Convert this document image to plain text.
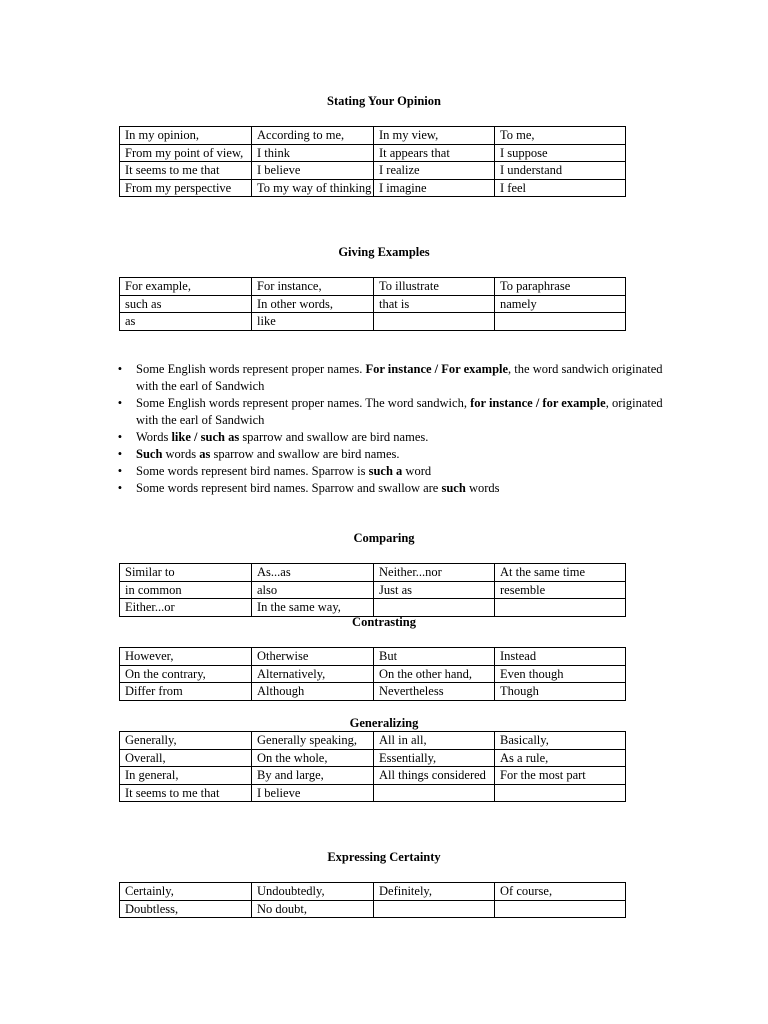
Stating Your Opinion
In my opinion,	According to me,	In my view,	To me,
From my point of view,	I think	It appears that	I suppose
It seems to me that	I believe	I realize	I understand
From my perspective	To my way of thinking	I imagine	I feel
Giving Examples
For example,	For instance,	To illustrate	To paraphrase
such as	In other words,	that is	namely
as	like		
•	Some English words represent proper names. For instance / For example, the word sandwich originated with the earl of Sandwich
•	Some English words represent proper names. The word sandwich, for instance / for example, originated with the earl of Sandwich
•	Words like / such as sparrow and swallow are bird names.
•	Such words as sparrow and swallow are bird names.
•	Some words represent bird names. Sparrow is such a word
•	Some words represent bird names. Sparrow and swallow are such words
Comparing
Similar to	As...as	Neither...nor	At the same time
in common	also	Just as	resemble
Either...or	In the same way,		
Contrasting
However,	Otherwise	But	Instead
On the contrary,	Alternatively,	On the other hand,	Even though
Differ from	Although	Nevertheless	Though
Generalizing
Generally,	Generally speaking,	All in all,	Basically,
Overall,	On the whole,	Essentially,	As a rule,
In general,	By and large,	All things considered	For the most part
It seems to me that	I believe		
Expressing Certainty
Certainly,	Undoubtedly,	Definitely,	Of course,
Doubtless,	No doubt,		
